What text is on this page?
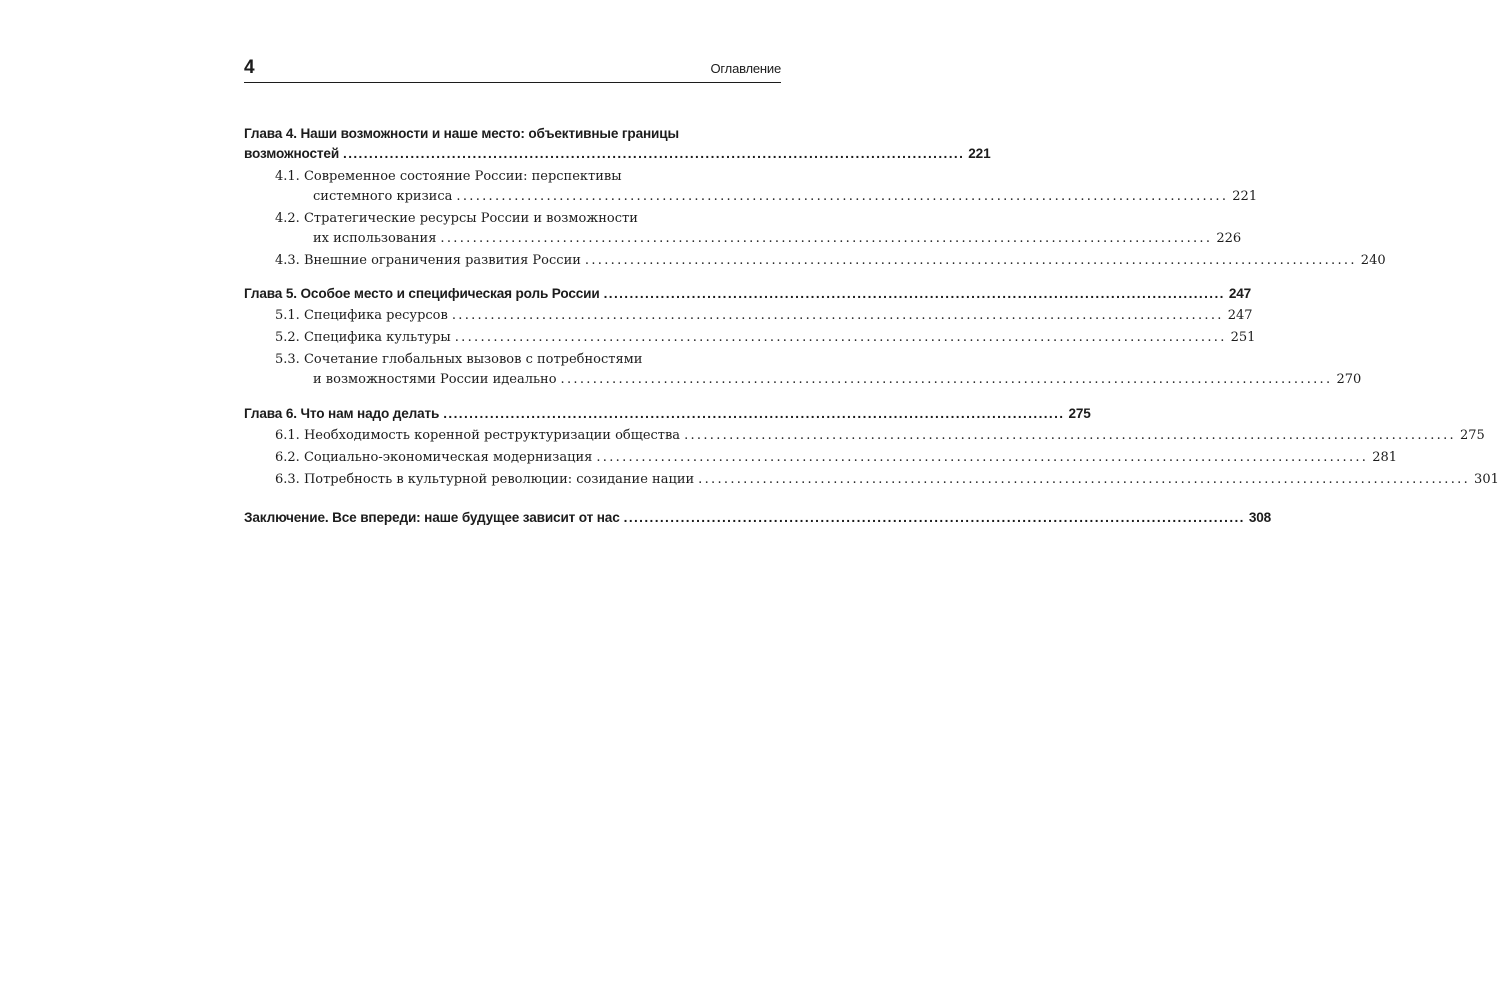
4	Оглавление
Глава 4. Наши возможности и наше место: объективные границы
возможностей ........................................................................................................................ 221
4.1. Современное состояние России: перспективы
системного кризиса ........................................................................................................................ 221
4.2. Стратегические ресурсы России и возможности
их использования ........................................................................................................................ 226
4.3. Внешние ограничения развития России ........................................................................................................................ 240
Глава 5. Особое место и специфическая роль России ........................................................................................................................ 247
5.1. Специфика ресурсов ........................................................................................................................ 247
5.2. Специфика культуры ........................................................................................................................ 251
5.3. Сочетание глобальных вызовов с потребностями
и возможностями России идеально ........................................................................................................................ 270
Глава 6. Что нам надо делать ........................................................................................................................ 275
6.1. Необходимость коренной реструктуризации общества ........................................................................................................................ 275
6.2. Социально-экономическая модернизация ........................................................................................................................ 281
6.3. Потребность в культурной революции: созидание нации ........................................................................................................................ 301
Заключение. Все впереди: наше будущее зависит от нас ........................................................................................................................ 308
